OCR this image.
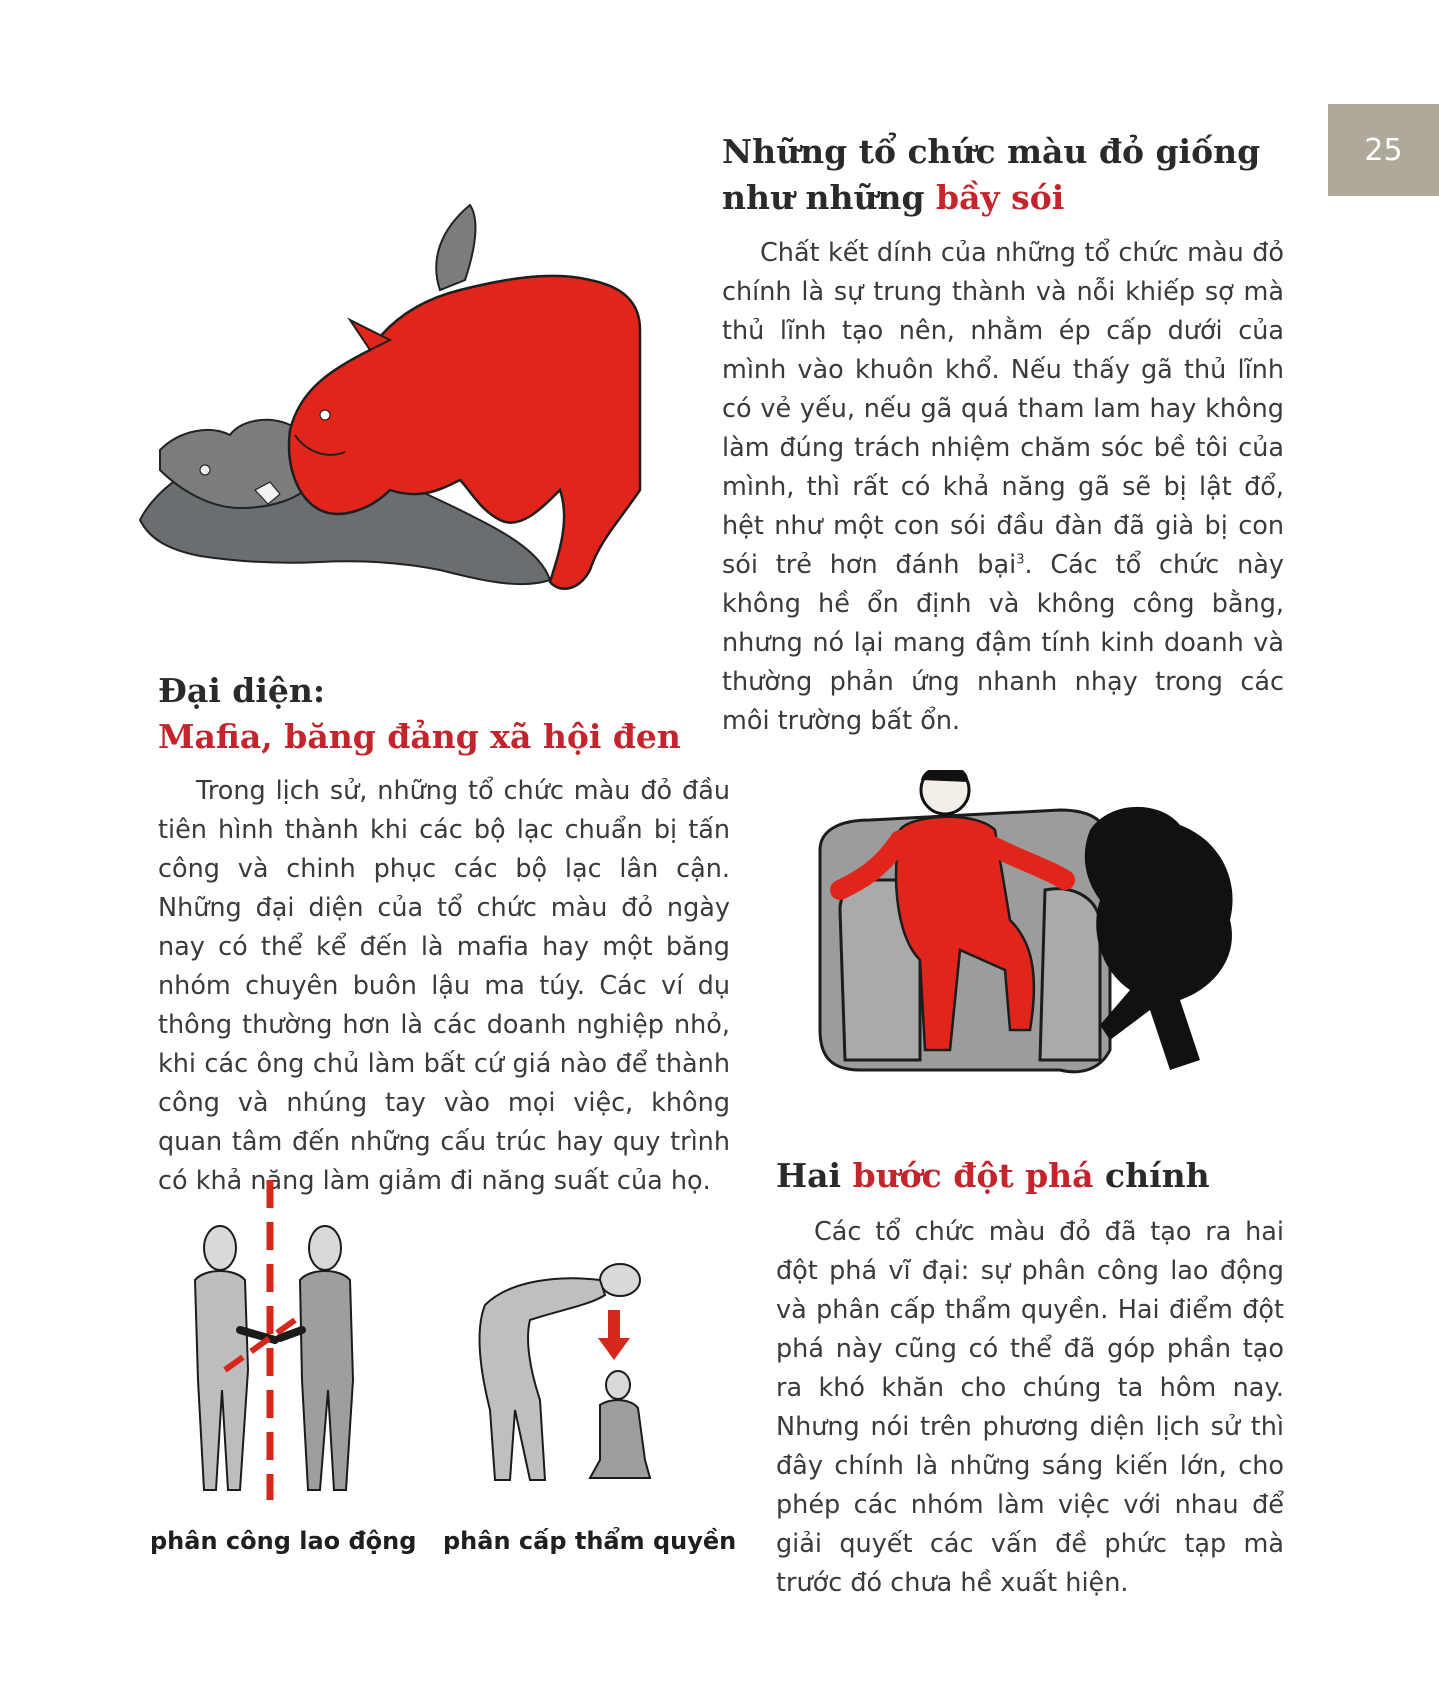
25
Những tổ chức màu đỏ giống như những bầy sói

Chất kết dính của những tổ chức màu đỏ chính là sự trung thành và nỗi khiếp sợ mà thủ lĩnh tạo nên, nhằm ép cấp dưới của mình vào khuôn khổ. Nếu thấy gã thủ lĩnh có vẻ yếu, nếu gã quá tham lam hay không làm đúng trách nhiệm chăm sóc bề tôi của mình, thì rất có khả năng gã sẽ bị lật đổ, hệt như một con sói đầu đàn đã già bị con sói trẻ hơn đánh bại$^3$. Các tổ chức này không hề ổn định và không công bằng, nhưng nó lại mang đậm tính kinh doanh và thường phản ứng nhanh nhạy trong các môi trường bất ổn.

Đại diện:
Mafia, băng đảng xã hội đen

Trong lịch sử, những tổ chức màu đỏ đầu tiên hình thành khi các bộ lạc chuẩn bị tấn công và chinh phục các bộ lạc lân cận. Những đại diện của tổ chức màu đỏ ngày nay có thể kể đến là mafia hay một băng nhóm chuyên buôn lậu ma túy. Các ví dụ thông thường hơn là các doanh nghiệp nhỏ, khi các ông chủ làm bất cứ giá nào để thành công và nhúng tay vào mọi việc, không quan tâm đến những cấu trúc hay quy trình có khả năng làm giảm đi năng suất của họ.	Hai bước đột phá chính

Các tổ chức màu đỏ đã tạo ra hai đột phá vĩ đại: sự phân công lao động và phân cấp thẩm quyền. Hai điểm đột phá này cũng có thể đã góp phần tạo ra khó khăn cho chúng ta hôm nay. Nhưng nói trên phương diện lịch sử thì đây chính là những sáng kiến lớn, cho phép các nhóm làm việc với nhau để giải quyết các vấn đề phức tạp mà trước đó chưa hề xuất hiện.

phân công lao động phân cấp thẩm quyền
